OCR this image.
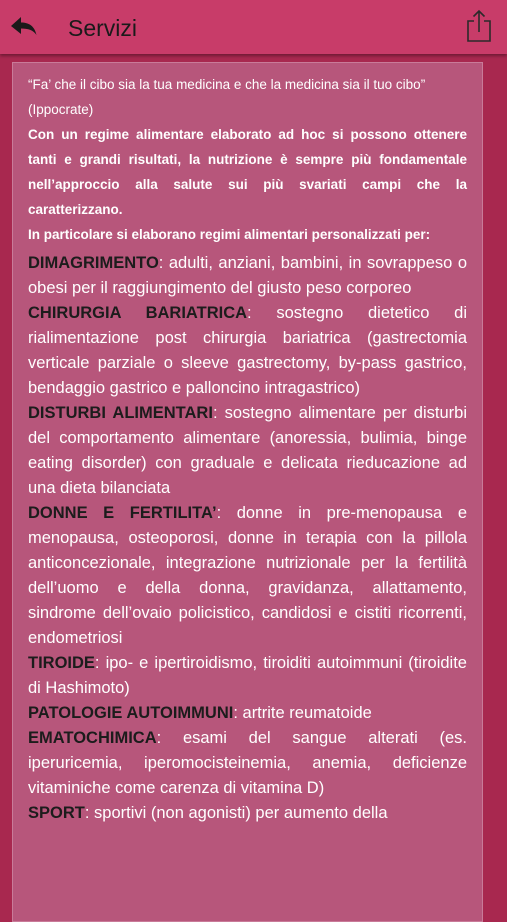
Servizi

“Fa’ che il cibo sia la tua medicina e che la medicina sia il tuo cibo” (Ippocrate)

Con un regime alimentare elaborato ad hoc si possono ottenere tanti e grandi risultati, la nutrizione è sempre più fondamentale nell’approccio alla salute sui più svariati campi che la caratterizzano.

In particolare si elaborano regimi alimentari personalizzati per:

DIMAGRIMENTO: adulti, anziani, bambini, in sovrappeso o obesi per il raggiungimento del giusto peso corporeo

CHIRURGIA BARIATRICA: sostegno dietetico di rialimentazione post chirurgia bariatrica (gastrectomia verticale parziale o sleeve gastrectomy, by-pass gastrico, bendaggio gastrico e palloncino intragastrico)

DISTURBI ALIMENTARI: sostegno alimentare per disturbi del comportamento alimentare (anoressia, bulimia, binge eating disorder) con graduale e delicata rieducazione ad una dieta bilanciata

DONNE E FERTILITA’: donne in pre-menopausa e menopausa, osteoporosi, donne in terapia con la pillola anticoncezionale, integrazione nutrizionale per la fertilità dell’uomo e della donna, gravidanza, allattamento, sindrome dell’ovaio policistico, candidosi e cistiti ricorrenti, endometriosi

TIROIDE: ipo- e ipertiroidismo, tiroiditi autoimmuni (tiroidite di Hashimoto)

PATOLOGIE AUTOIMMUNI: artrite reumatoide

EMATOCHIMICA: esami del sangue alterati (es. iperuricemia, iperomocisteinemia, anemia, deficienze vitaminiche come carenza di vitamina D)

SPORT: sportivi (non agonisti) per aumento della
